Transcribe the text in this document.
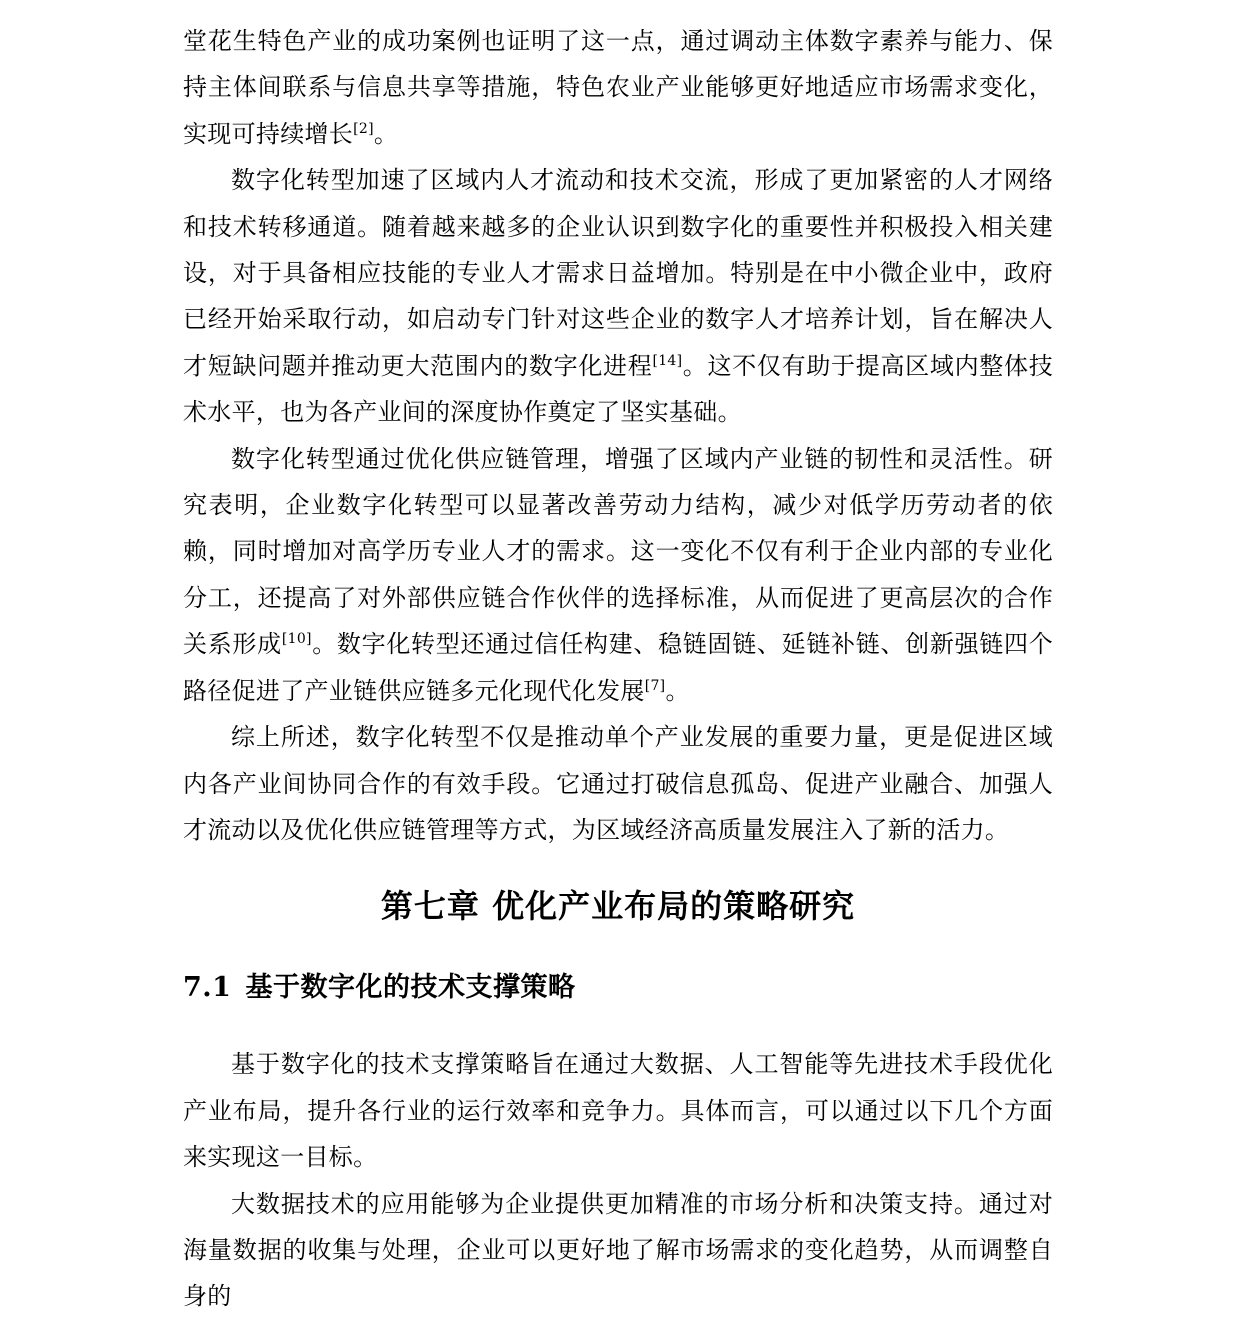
堂花生特色产业的成功案例也证明了这一点，通过调动主体数字素养与能力、保持主体间联系与信息共享等措施，特色农业产业能够更好地适应市场需求变化，实现可持续增长[2]。

数字化转型加速了区域内人才流动和技术交流，形成了更加紧密的人才网络和技术转移通道。随着越来越多的企业认识到数字化的重要性并积极投入相关建设，对于具备相应技能的专业人才需求日益增加。特别是在中小微企业中，政府已经开始采取行动，如启动专门针对这些企业的数字人才培养计划，旨在解决人才短缺问题并推动更大范围内的数字化进程[14]。这不仅有助于提高区域内整体技术水平，也为各产业间的深度协作奠定了坚实基础。

数字化转型通过优化供应链管理，增强了区域内产业链的韧性和灵活性。研究表明，企业数字化转型可以显著改善劳动力结构，减少对低学历劳动者的依赖，同时增加对高学历专业人才的需求。这一变化不仅有利于企业内部的专业化分工，还提高了对外部供应链合作伙伴的选择标准，从而促进了更高层次的合作关系形成[10]。数字化转型还通过信任构建、稳链固链、延链补链、创新强链四个路径促进了产业链供应链多元化现代化发展[7]。

综上所述，数字化转型不仅是推动单个产业发展的重要力量，更是促进区域内各产业间协同合作的有效手段。它通过打破信息孤岛、促进产业融合、加强人才流动以及优化供应链管理等方式，为区域经济高质量发展注入了新的活力。

第七章 优化产业布局的策略研究
7.1 基于数字化的技术支撑策略

基于数字化的技术支撑策略旨在通过大数据、人工智能等先进技术手段优化产业布局，提升各行业的运行效率和竞争力。具体而言，可以通过以下几个方面来实现这一目标。

大数据技术的应用能够为企业提供更加精准的市场分析和决策支持。通过对海量数据的收集与处理，企业可以更好地了解市场需求的变化趋势，从而调整自身的
